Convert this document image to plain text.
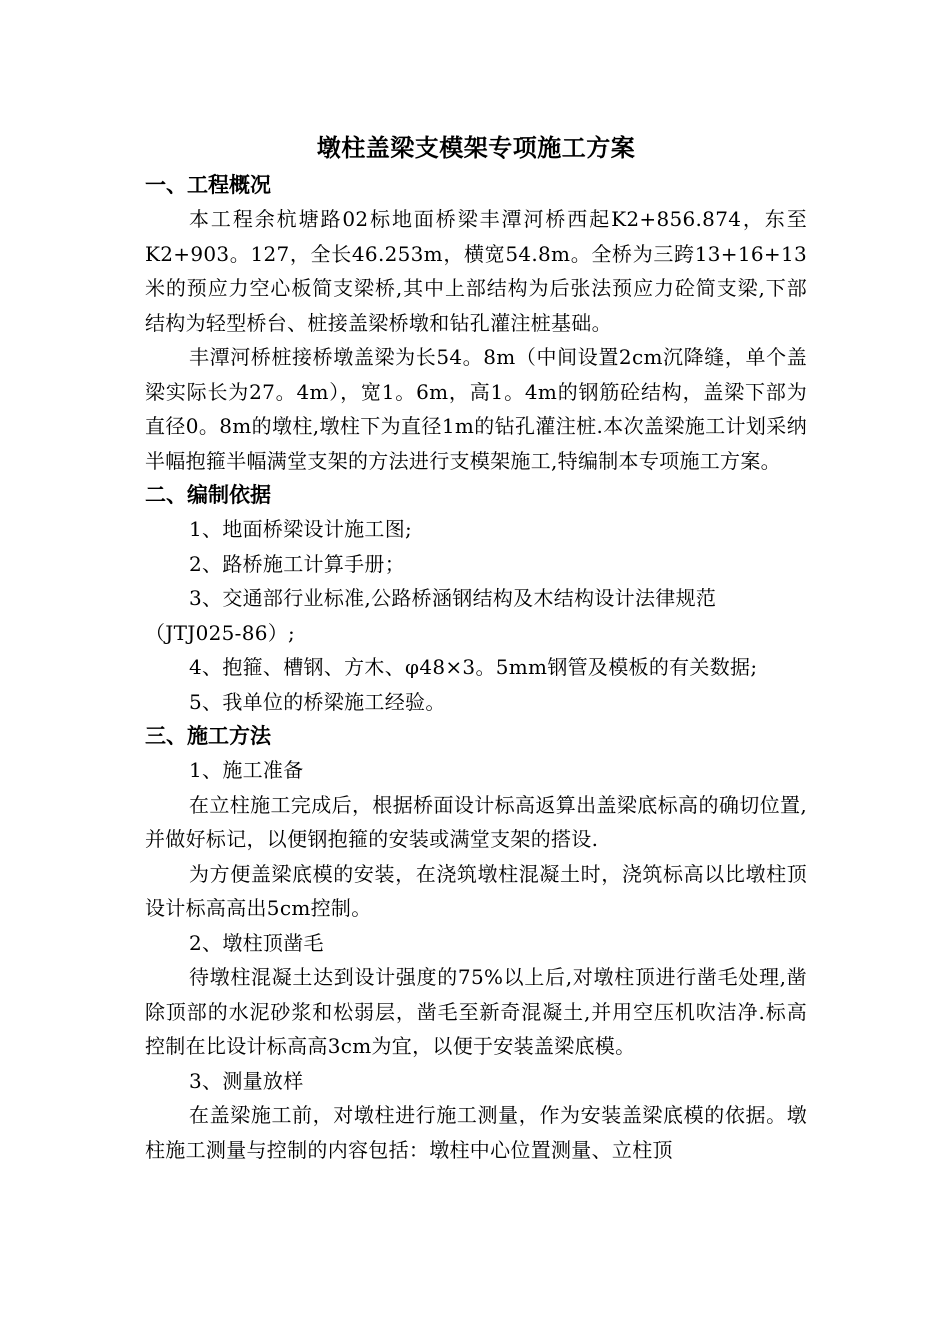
墩柱盖梁支模架专项施工方案
一、工程概况

本工程余杭塘路02标地面桥梁丰潭河桥西起K2+856.874，东至K2+903。127，全长46.253m，横宽54.8m。全桥为三跨13+16+13米的预应力空心板简支梁桥,其中上部结构为后张法预应力砼简支梁,下部结构为轻型桥台、桩接盖梁桥墩和钻孔灌注桩基础。

丰潭河桥桩接桥墩盖梁为长54。8m（中间设置2cm沉降缝，单个盖梁实际长为27。4m），宽1。6m，高1。4m的钢筋砼结构，盖梁下部为直径0。8m的墩柱,墩柱下为直径1m的钻孔灌注桩.本次盖梁施工计划采纳半幅抱箍半幅满堂支架的方法进行支模架施工,特编制本专项施工方案。

二、编制依据

1、地面桥梁设计施工图;

2、路桥施工计算手册；

3、交通部行业标准,公路桥涵钢结构及木结构设计法律规范

（JTJ025-86）;

4、抱箍、槽钢、方木、φ48×3。5mm钢管及模板的有关数据;

5、我单位的桥梁施工经验。

三、施工方法

1、施工准备

在立柱施工完成后，根据桥面设计标高返算出盖梁底标高的确切位置,并做好标记，以便钢抱箍的安装或满堂支架的搭设.

为方便盖梁底模的安装，在浇筑墩柱混凝土时，浇筑标高以比墩柱顶设计标高高出5cm控制。

2、墩柱顶凿毛

待墩柱混凝土达到设计强度的75%以上后,对墩柱顶进行凿毛处理,凿除顶部的水泥砂浆和松弱层，凿毛至新奇混凝土,并用空压机吹洁净.标高控制在比设计标高高3cm为宜，以便于安装盖梁底模。

3、测量放样

在盖梁施工前，对墩柱进行施工测量，作为安装盖梁底模的依据。墩柱施工测量与控制的内容包括：墩柱中心位置测量、立柱顶
